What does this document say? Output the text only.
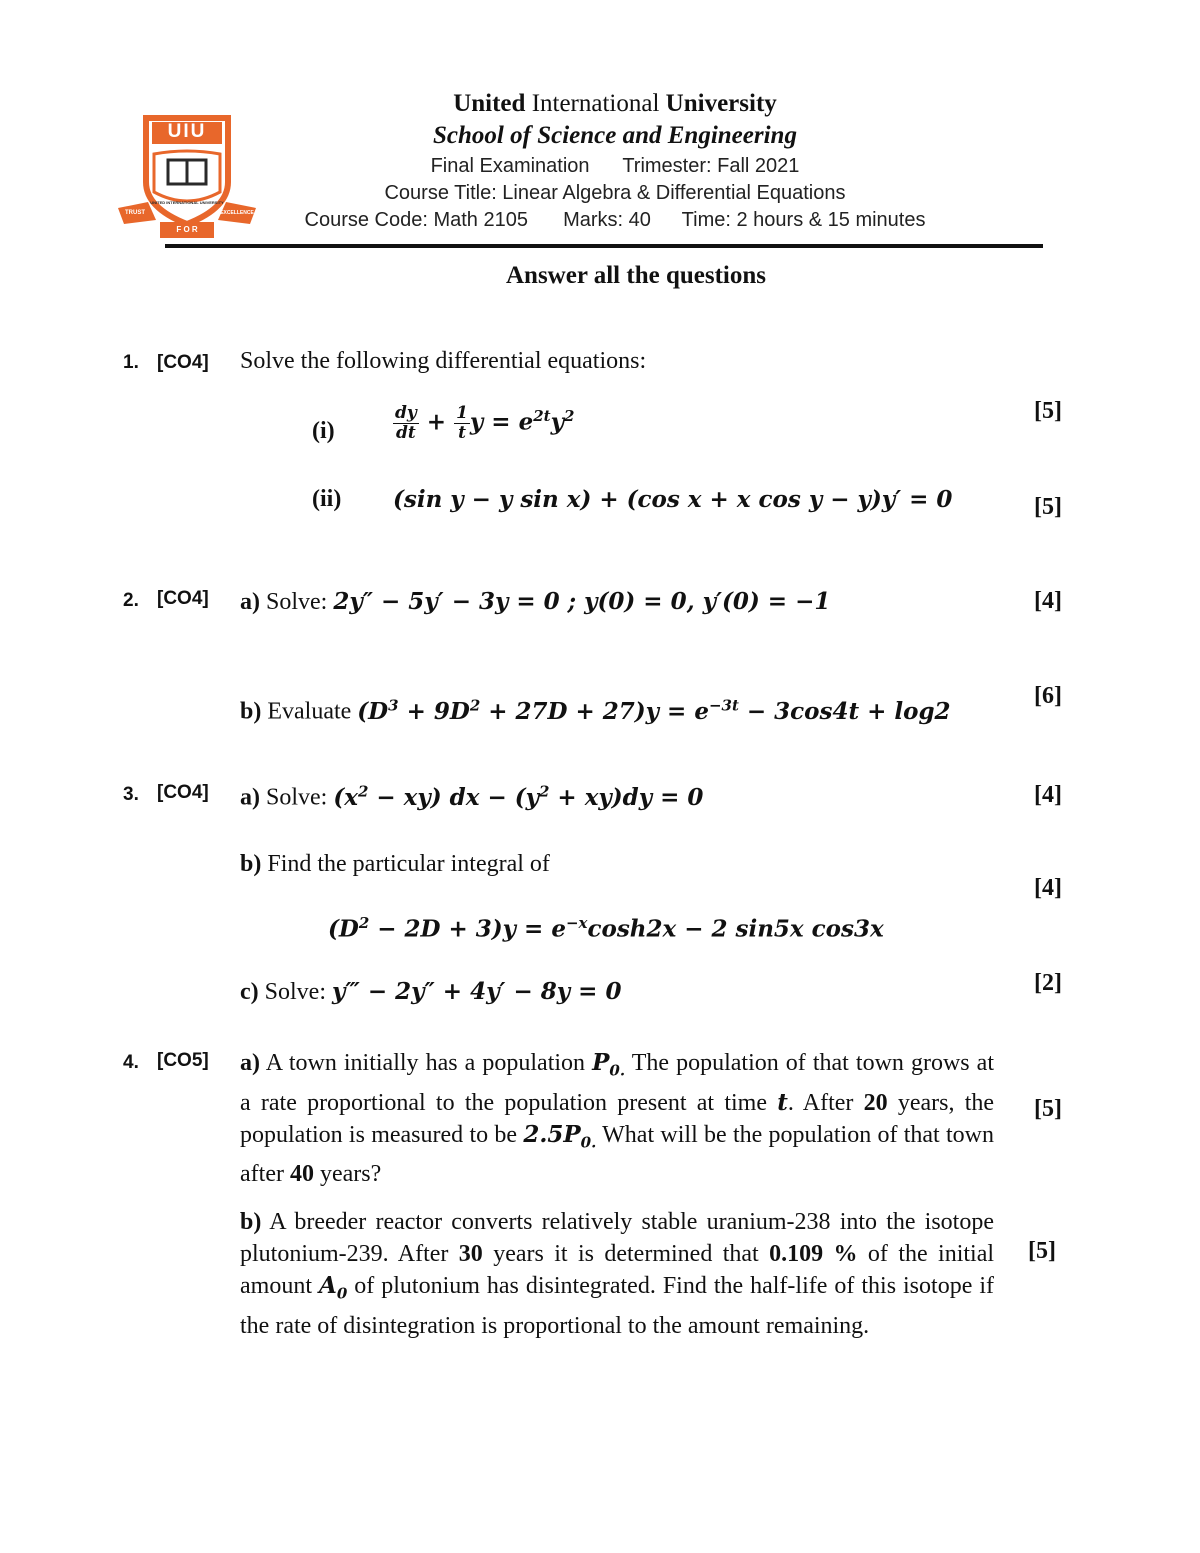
UIU
UNITED INTERNATIONAL UNIVERSITY
TRUST	EXCELLENCE
F O R
United International University
School of Science and Engineering
Final Examination Trimester: Fall 2021
Course Title: Linear Algebra & Differential Equations
Course Code: Math 2105 Marks: 40 Time: 2 hours & 15 minutes
Answer all the questions
1. [CO4] Solve the following differential equations:
(i)	$\frac{dy}{dt} + \frac{1}{t}$ $y = e^{2t}y^2$	[5]
(ii) (sin y − y sin x) + (cos x + x cos y − y)y′ = 0	[5]
2. [CO4] a) Solve: 2y″ − 5y′ − 3y = 0 ; y(0) = 0, y′(0) = −1	[4]
b) Evaluate $(D^3 + 9D^2 + 27D + 27)y = e^{-3t} - 3\cos 4t + \log 2$
[6]
3. [CO4] a) Solve: $(x^2 - xy)$ dx − $(y^2 + xy)dy = 0$	[4]
b) Find the particular integral of
[4]
$(D^2 - 2D + 3)y = e^{-x}\cosh 2x - 2$ sin5x cos3x
c) Solve: y‴ − 2y″ + 4y′ − 8y = 0	[2]
4. [CO5] a) A town initially has a population $P_{0.}$ The population of that town grows at a rate proportional to the population present at time t. After 20 years, the population is measured to be $2.5P_{0.}$ What will be the population of that town after 40 years?
[5]
b) A breeder reactor converts relatively stable uranium-238 into the isotope plutonium-239. After 30 years it is determined that 0.109 % of the initial amount $A_0$ of plutonium has disintegrated. Find the half-life of this isotope if the rate of disintegration is proportional to the amount remaining.
[5]
